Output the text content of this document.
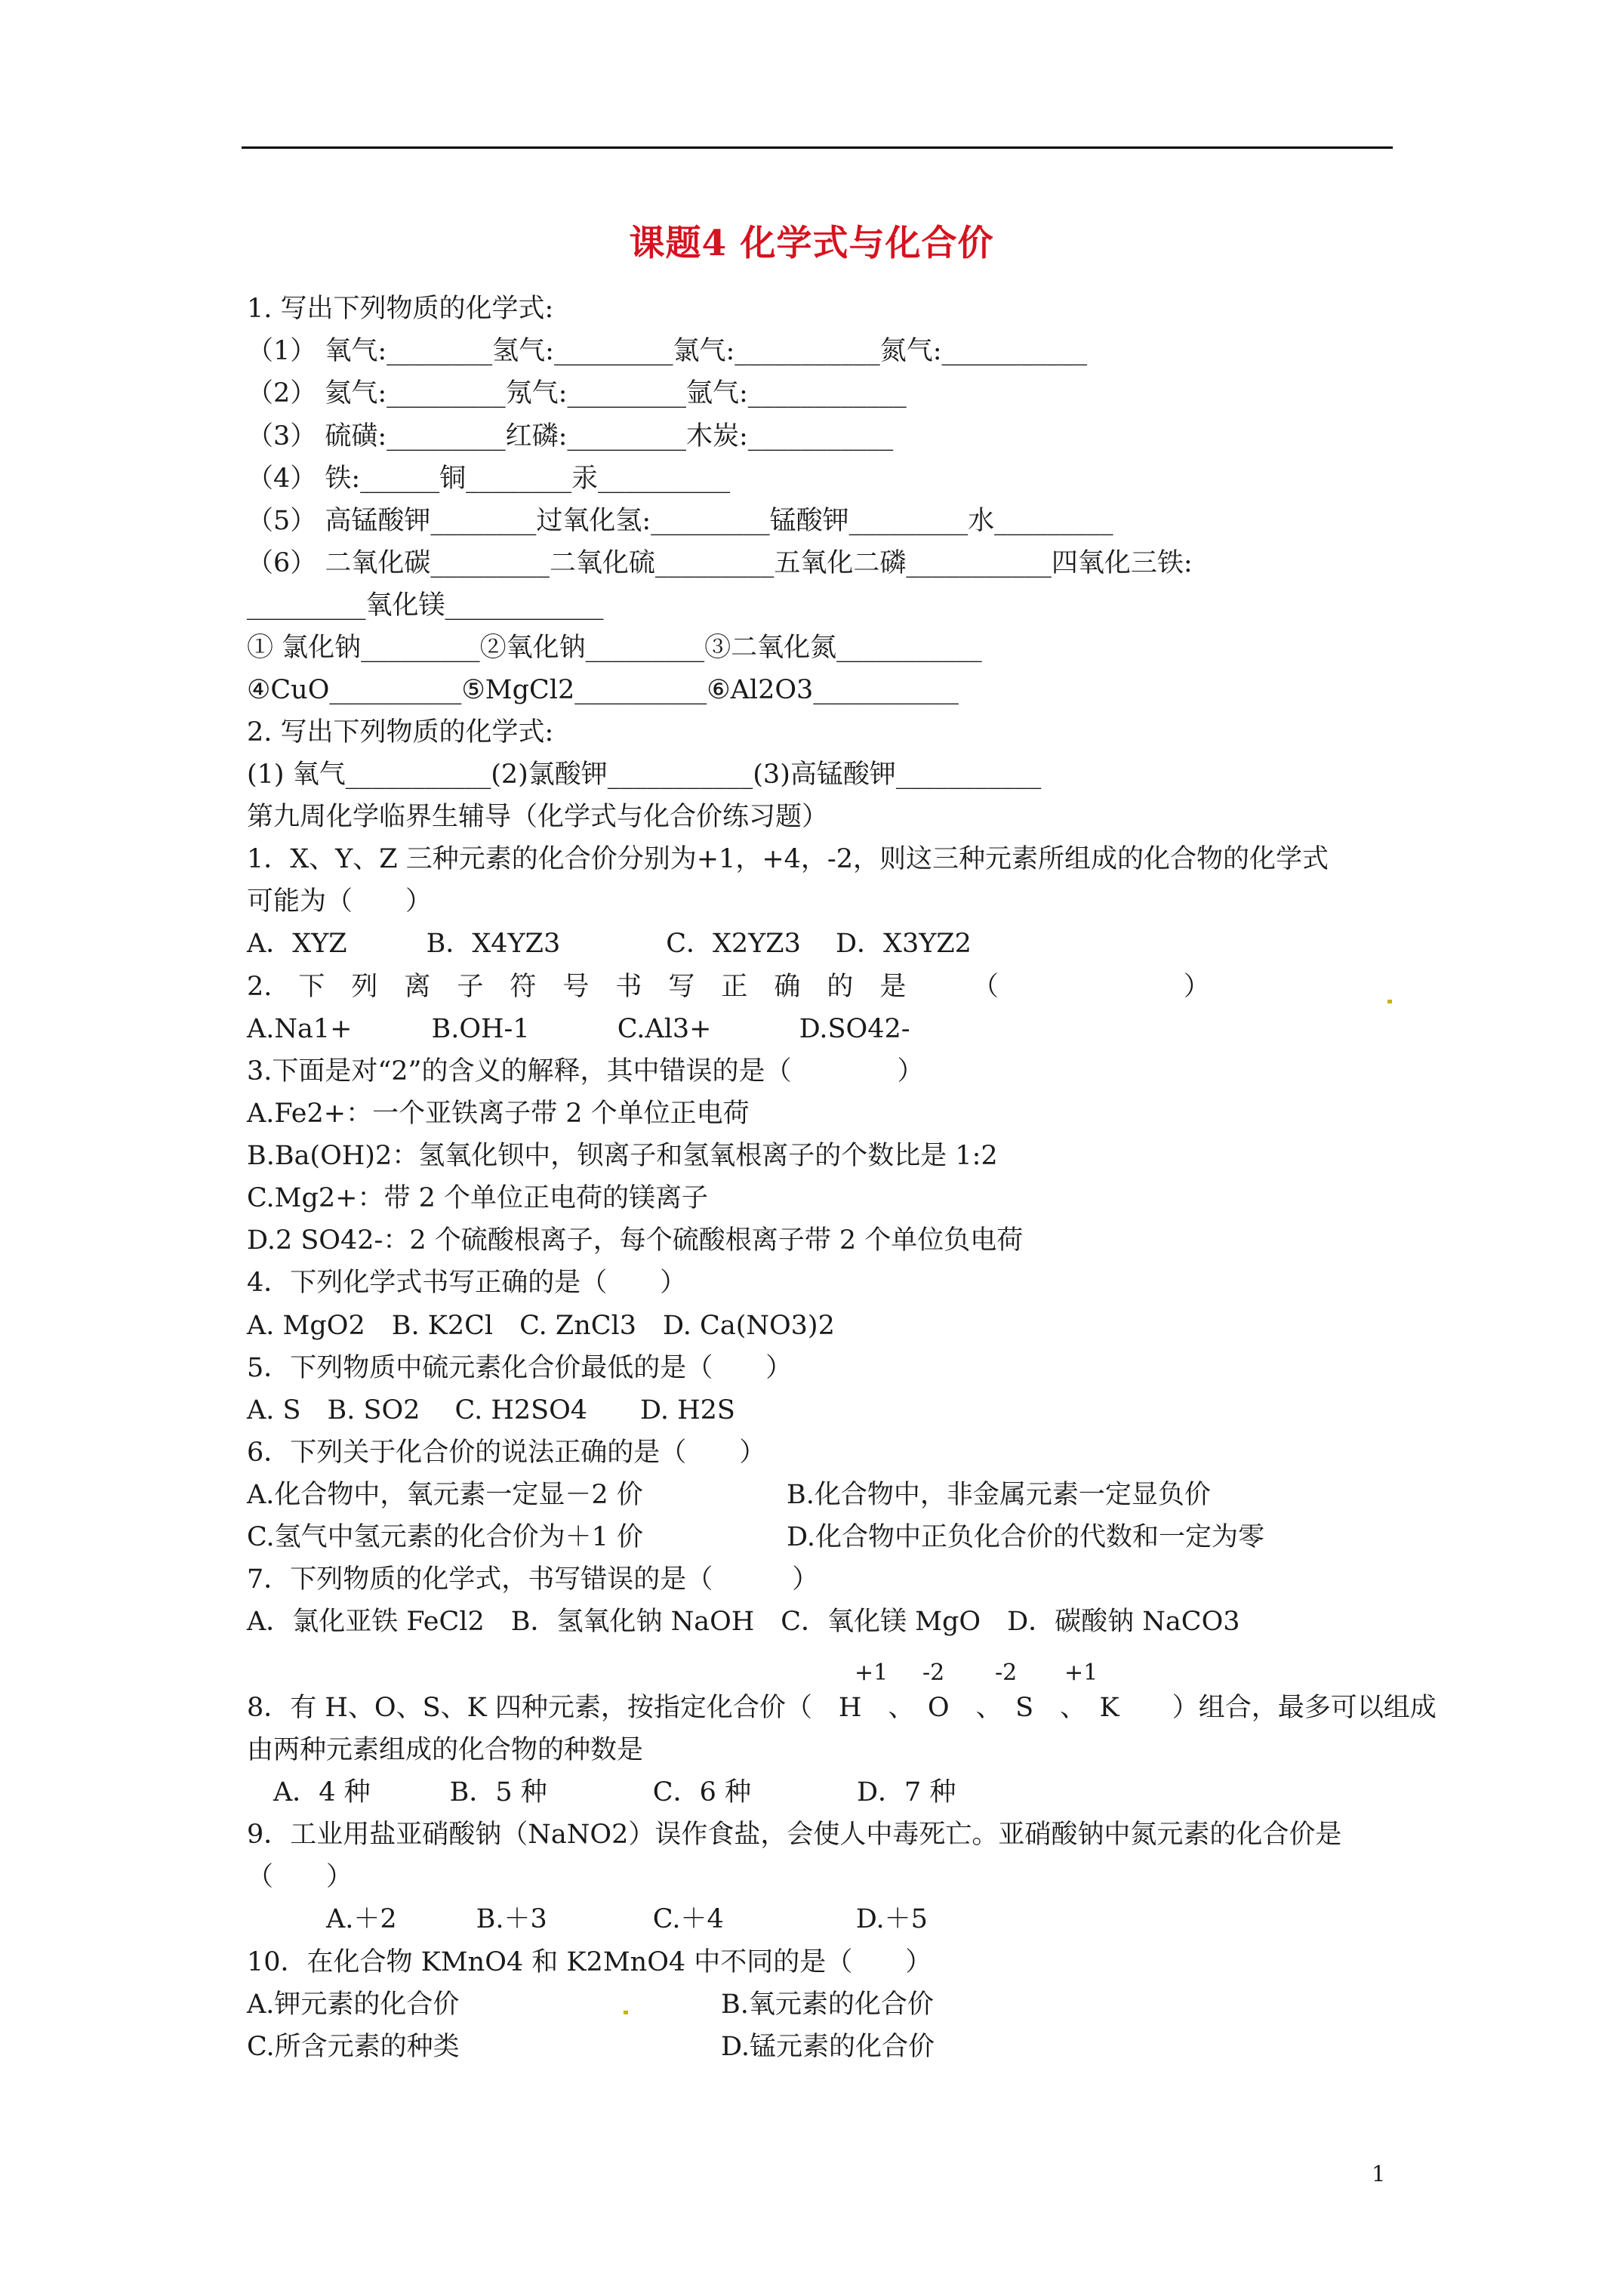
课题4 化学式与化合价
1. 写出下列物质的化学式:
（1） 氧气:________氢气:_________氯气:___________氮气:___________
（2） 氦气:_________氖气:_________氩气:____________
（3） 硫磺:_________红磷:_________木炭:___________
（4） 铁:______铜________汞__________
（5） 高锰酸钾________过氧化氢:_________锰酸钾_________水_________
（6） 二氧化碳_________二氧化硫_________五氧化二磷___________四氧化三铁:
_________氧化镁____________
① 氯化钠_________②氧化钠_________③二氧化氮___________
④CuO__________⑤MgCl2__________⑥Al2O3___________
2. 写出下列物质的化学式:
(1) 氧气___________(2)氯酸钾___________(3)高锰酸钾___________
第九周化学临界生辅导（化学式与化合价练习题）
1．X、Y、Z 三种元素的化合价分别为+1，+4，-2，则这三种元素所组成的化合物的化学式
可能为（　　）
A．XYZ　　　B．X4YZ3　　　　C．X2YZ3　 D．X3YZ2
2.　下　列　离　子　符　号　书　写　正　确　的　是　　　（　　　　　　　）
A.Na1+　　　B.OH-1　　　 C.Al3+　　　 D.SO42-
3.下面是对“2”的含义的解释，其中错误的是（　　　　）
A.Fe2+：一个亚铁离子带 2 个单位正电荷
B.Ba(OH)2：氢氧化钡中，钡离子和氢氧根离子的个数比是 1:2
C.Mg2+：带 2 个单位正电荷的镁离子
D.2 SO42-：2 个硫酸根离子，每个硫酸根离子带 2 个单位负电荷
4．下列化学式书写正确的是（　　）
A. MgO2　B. K2Cl　C. ZnCl3　D. Ca(NO3)2
5．下列物质中硫元素化合价最低的是（　　）
A. S　B. SO2　 C. H2SO4　　D. H2S
6．下列关于化合价的说法正确的是（　　）
A.化合物中，氧元素一定显－2 价	B.化合物中，非金属元素一定显负价
C.氢气中氢元素的化合价为＋1 价	D.化合物中正负化合价的代数和一定为零
7．下列物质的化学式，书写错误的是（　　　）
A．氯化亚铁 FeCl2　B．氢氧化钠 NaOH　C．氧化镁 MgO　D．碳酸钠 NaCO3
+1 -2 -2 +1
8．有 H、O、S、K 四种元素，按指定化合价（　H　、　O　、　S　、　K　　）组合，最多可以组成
由两种元素组成的化合物的种数是
　A．4 种　　　B．5 种　　　　C．6 种　　　　D．7 种
9．工业用盐亚硝酸钠（NaNO2）误作食盐，会使人中毒死亡。亚硝酸钠中氮元素的化合价是
（　　）
　　　A.＋2　　　B.＋3　　　　C.＋4　　　　　D.＋5
10．在化合物 KMnO4 和 K2MnO4 中不同的是（　　）
A.钾元素的化合价	B.氧元素的化合价
C.所含元素的种类	D.锰元素的化合价
1
